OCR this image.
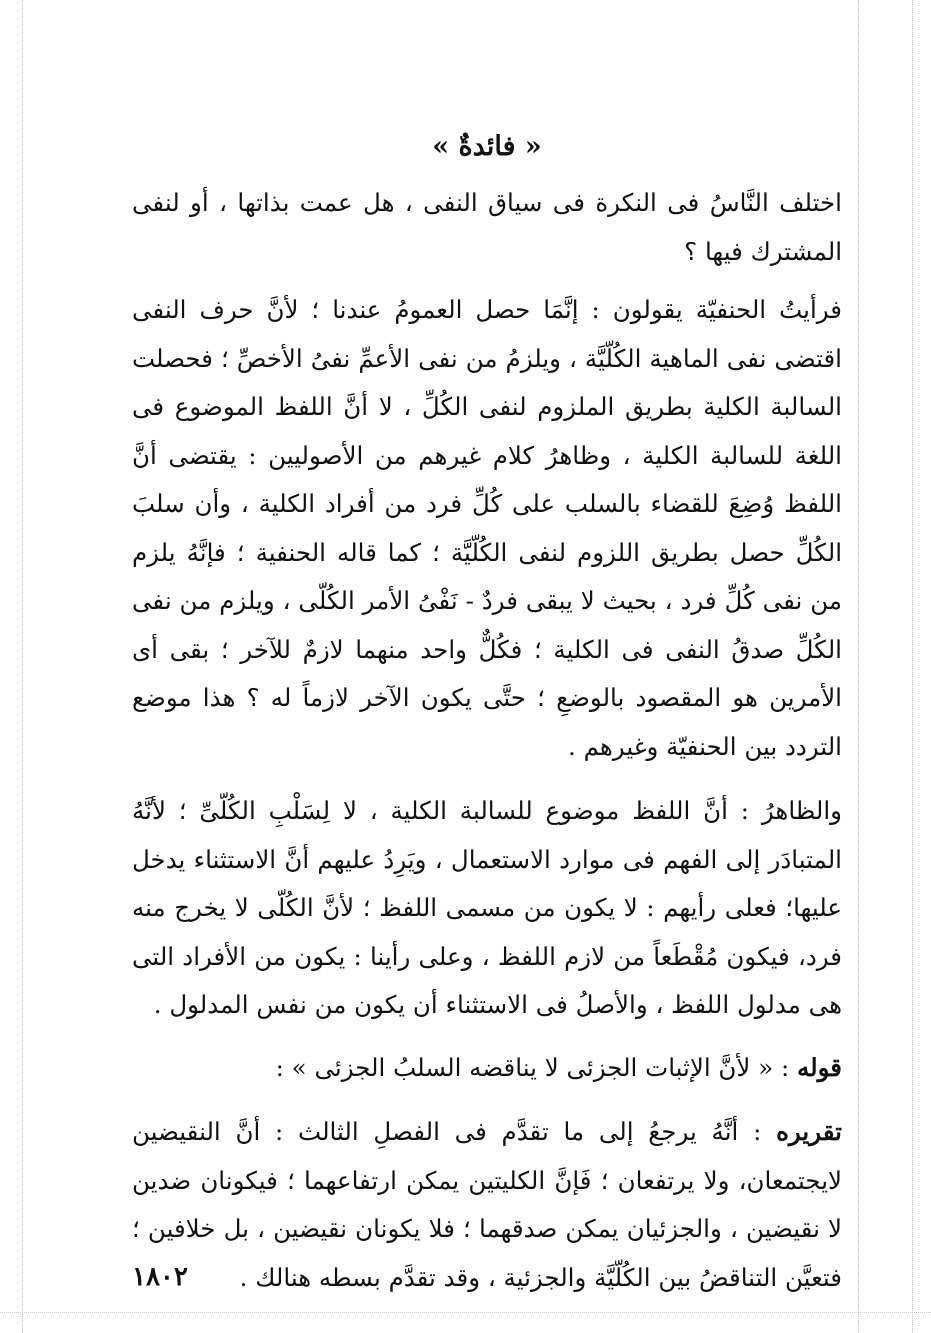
« فائدةٌ »

اختلف النَّاسُ فى النكرة فى سياق النفى ، هل عمت بذاتها ، أو لنفى المشترك فيها ؟

فرأيتُ الحنفيّة يقولون : إنَّمَا حصل العمومُ عندنا ؛ لأنَّ حرف النفى اقتضى نفى الماهية الكُلّيَّة ، ويلزمُ من نفى الأعمِّ نفىُ الأخصِّ ؛ فحصلت السالبة الكلية بطريق الملزوم لنفى الكُلِّ ، لا أنَّ اللفظ الموضوع فى اللغة للسالبة الكلية ، وظاهرُ كلام غيرهم من الأصوليين : يقتضى أنَّ اللفظ وُضِعَ للقضاء بالسلب على كُلِّ فرد من أفراد الكلية ، وأن سلبَ الكُلِّ حصل بطريق اللزوم لنفى الكُلّيَّة ؛ كما قاله الحنفية ؛ فإنَّهُ يلزم من نفى كُلِّ فرد ، بحيث لا يبقى فردٌ - نَفْىُ الأمر الكُلّى ، ويلزم من نفى الكُلِّ صدقُ النفى فى الكلية ؛ فكُلٌّ واحد منهما لازمٌ للآخر ؛ بقى أى الأمرين هو المقصود بالوضعِ ؛ حتَّى يكون الآخر لازماً له ؟ هذا موضع التردد بين الحنفيّة وغيرهم .

والظاهرُ : أنَّ اللفظ موضوع للسالبة الكلية ، لا لِسَلْبِ الكُلّىِّ ؛ لأنَّهُ المتبادَر إلى الفهم فى موارد الاستعمال ، ويَرِدُ عليهم أنَّ الاستثناء يدخل عليها؛ فعلى رأيهم : لا يكون من مسمى اللفظ ؛ لأنَّ الكُلّى لا يخرج منه فرد، فيكون مُقْطَعاً من لازم اللفظ ، وعلى رأينا : يكون من الأفراد التى هى مدلول اللفظ ، والأصلُ فى الاستثناء أن يكون من نفس المدلول .

قوله : « لأنَّ الإثبات الجزئى لا يناقضه السلبُ الجزئى » :

تقريره : أنَّهُ يرجعُ إلى ما تقدَّم فى الفصلِ الثالث : أنَّ النقيضين لايجتمعان، ولا يرتفعان ؛ فَإنَّ الكليتين يمكن ارتفاعهما ؛ فيكونان ضدين لا نقيضين ، والجزئيان يمكن صدقهما ؛ فلا يكونان نقيضين ، بل خلافين ؛ فتعيَّن التناقضُ بين الكُلّيَّة والجزئية ، وقد تقدَّم بسطه هنالك .

١٨٠٢
